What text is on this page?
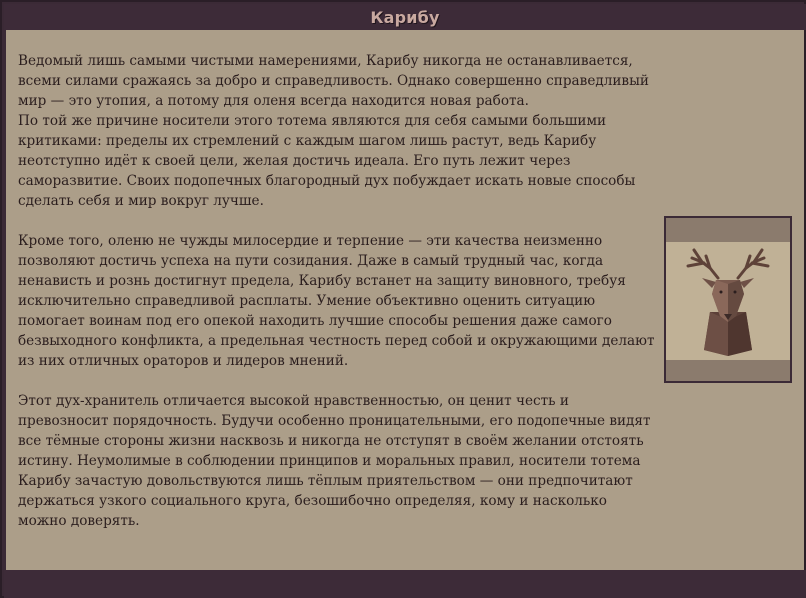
Карибу

Ведомый лишь самыми чистыми намерениями, Карибу никогда не останавливается, всеми силами сражаясь за добро и справедливость. Однако совершенно справедливый мир — это утопия, а потому для оленя всегда находится новая работа.

По той же причине носители этого тотема являются для себя самыми большими критиками: пределы их стремлений с каждым шагом лишь растут, ведь Карибу неотступно идёт к своей цели, желая достичь идеала. Его путь лежит через саморазвитие. Своих подопечных благородный дух побуждает искать новые способы сделать себя и мир вокруг лучше.

Кроме того, оленю не чужды милосердие и терпение — эти качества неизменно позволяют достичь успеха на пути созидания. Даже в самый трудный час, когда ненависть и рознь достигнут предела, Карибу встанет на защиту виновного, требуя исключительно справедливой расплаты. Умение объективно оценить ситуацию помогает воинам под его опекой находить лучшие способы решения даже самого безвыходного конфликта, а предельная честность перед собой и окружающими делают из них отличных ораторов и лидеров мнений.

Этот дух-хранитель отличается высокой нравственностью, он ценит честь и превозносит порядочность. Будучи особенно проницательными, его подопечные видят все тёмные стороны жизни насквозь и никогда не отступят в своём желании отстоять истину. Неумолимые в соблюдении принципов и моральных правил, носители тотема Карибу зачастую довольствуются лишь тёплым приятельством — они предпочитают держаться узкого социального круга, безошибочно определяя, кому и насколько можно доверять.
